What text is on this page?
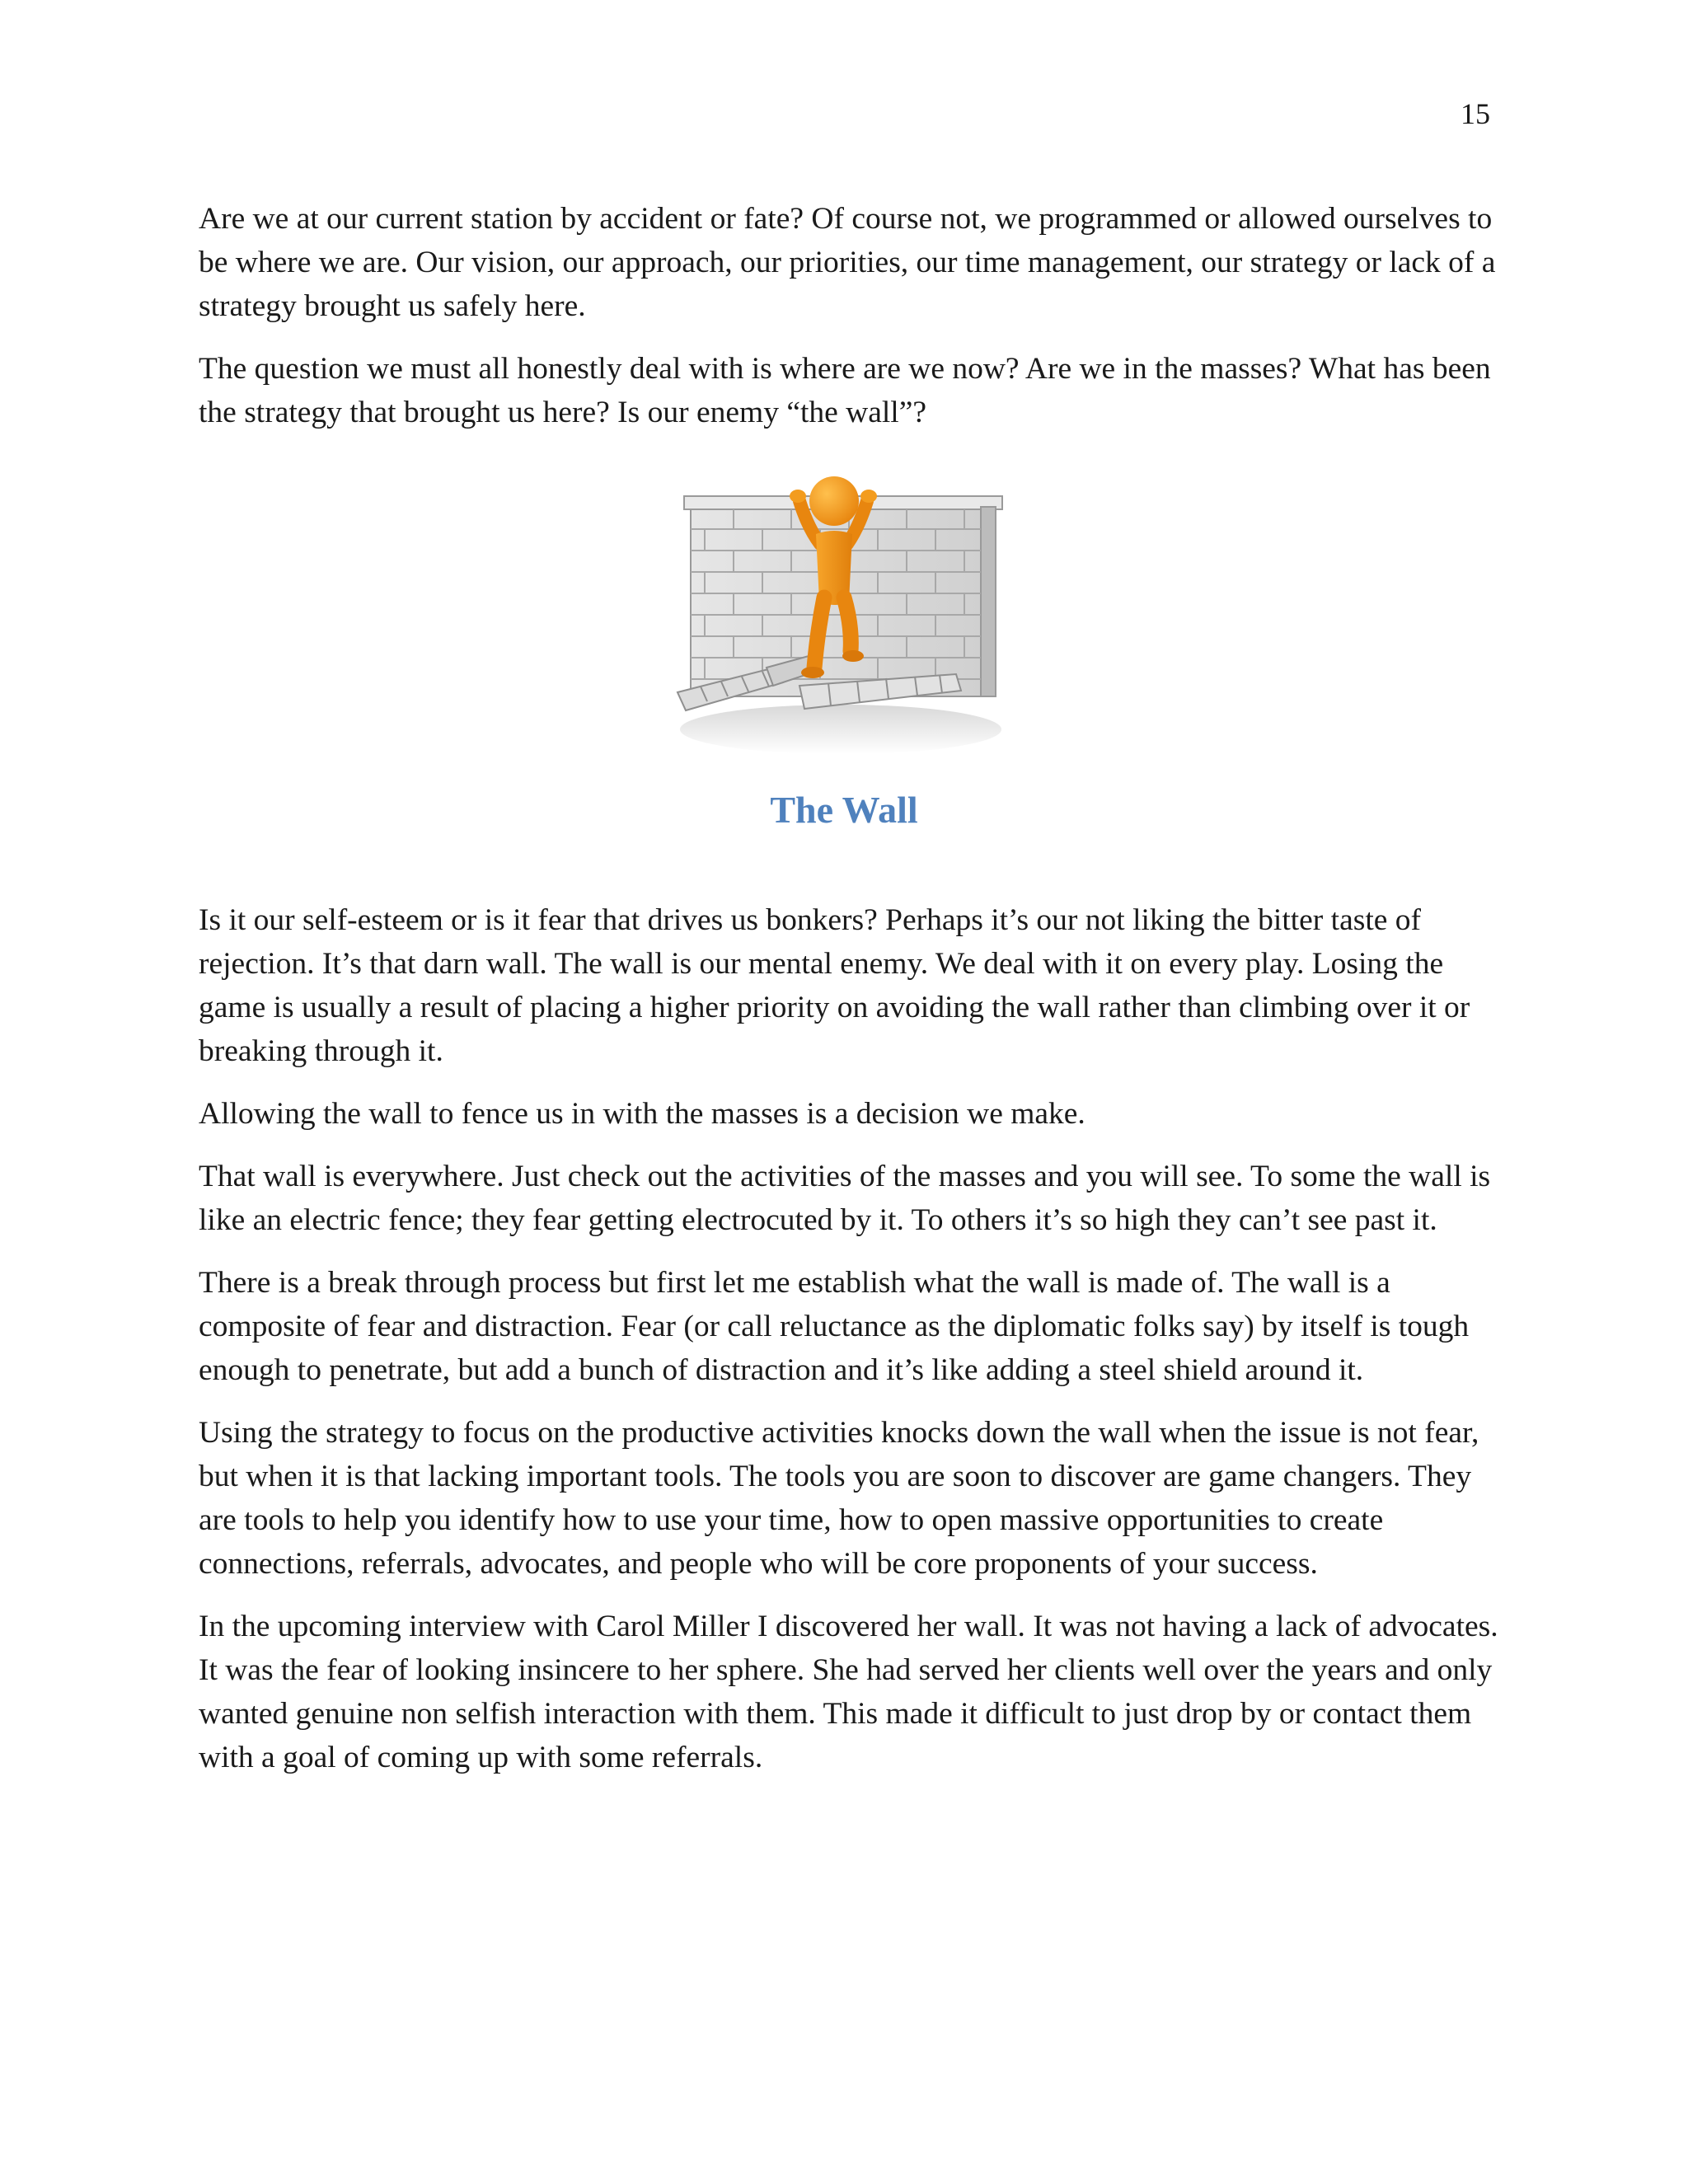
15

Are we at our current station by accident or fate? Of course not, we programmed or allowed ourselves to be where we are. Our vision, our approach, our priorities, our time management, our strategy or lack of a strategy brought us safely here.

The question we must all honestly deal with is where are we now? Are we in the masses? What has been the strategy that brought us here? Is our enemy “the wall”?

The Wall

Is it our self-esteem or is it fear that drives us bonkers? Perhaps it’s our not liking the bitter taste of rejection. It’s that darn wall. The wall is our mental enemy. We deal with it on every play. Losing the game is usually a result of placing a higher priority on avoiding the wall rather than climbing over it or breaking through it.

Allowing the wall to fence us in with the masses is a decision we make.

That wall is everywhere. Just check out the activities of the masses and you will see. To some the wall is like an electric fence; they fear getting electrocuted by it. To others it’s so high they can’t see past it.

There is a break through process but first let me establish what the wall is made of. The wall is a composite of fear and distraction. Fear (or call reluctance as the diplomatic folks say) by itself is tough enough to penetrate, but add a bunch of distraction and it’s like adding a steel shield around it.

Using the strategy to focus on the productive activities knocks down the wall when the issue is not fear, but when it is that lacking important tools. The tools you are soon to discover are game changers. They are tools to help you identify how to use your time, how to open massive opportunities to create connections, referrals, advocates, and people who will be core proponents of your success.

In the upcoming interview with Carol Miller I discovered her wall. It was not having a lack of advocates. It was the fear of looking insincere to her sphere. She had served her clients well over the years and only wanted genuine non selfish interaction with them. This made it difficult to just drop by or contact them with a goal of coming up with some referrals.
